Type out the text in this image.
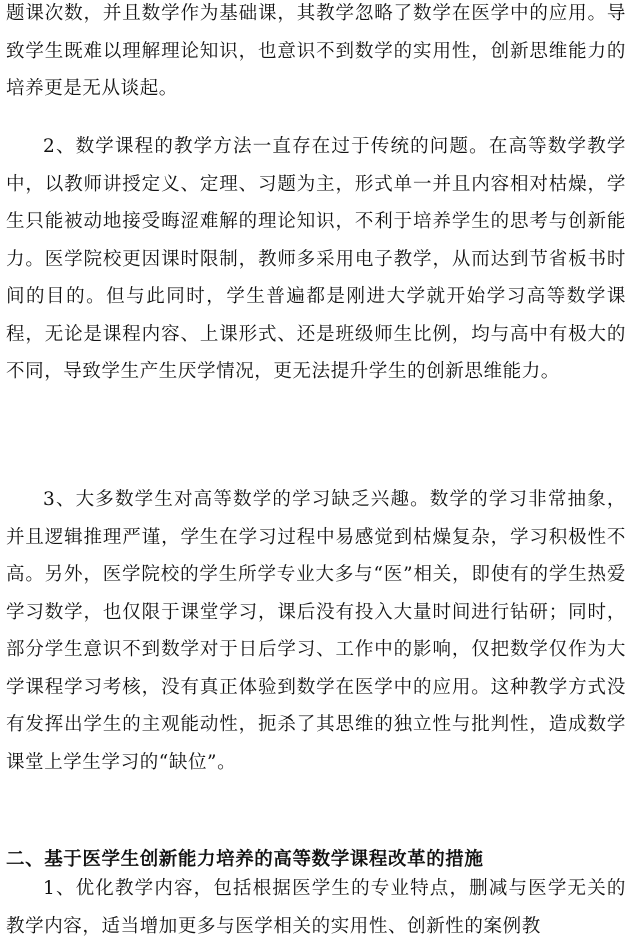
题课次数，并且数学作为基础课，其教学忽略了数学在医学中的应用。导致学生既难以理解理论知识，也意识不到数学的实用性，创新思维能力的培养更是无从谈起。

2、数学课程的教学方法一直存在过于传统的问题。在高等数学教学中，以教师讲授定义、定理、习题为主，形式单一并且内容相对枯燥，学生只能被动地接受晦涩难解的理论知识，不利于培养学生的思考与创新能力。医学院校更因课时限制，教师多采用电子教学，从而达到节省板书时间的目的。但与此同时，学生普遍都是刚进大学就开始学习高等数学课程，无论是课程内容、上课形式、还是班级师生比例，均与高中有极大的不同，导致学生产生厌学情况，更无法提升学生的创新思维能力。

3、大多数学生对高等数学的学习缺乏兴趣。数学的学习非常抽象，并且逻辑推理严谨，学生在学习过程中易感觉到枯燥复杂，学习积极性不高。另外，医学院校的学生所学专业大多与“医”相关，即使有的学生热爱学习数学，也仅限于课堂学习，课后没有投入大量时间进行钻研；同时，部分学生意识不到数学对于日后学习、工作中的影响，仅把数学仅作为大学课程学习考核，没有真正体验到数学在医学中的应用。这种教学方式没有发挥出学生的主观能动性，扼杀了其思维的独立性与批判性，造成数学课堂上学生学习的“缺位”。

二、基于医学生创新能力培养的高等数学课程改革的措施

1、优化教学内容，包括根据医学生的专业特点，删减与医学无关的教学内容，适当增加更多与医学相关的实用性、创新性的案例教
